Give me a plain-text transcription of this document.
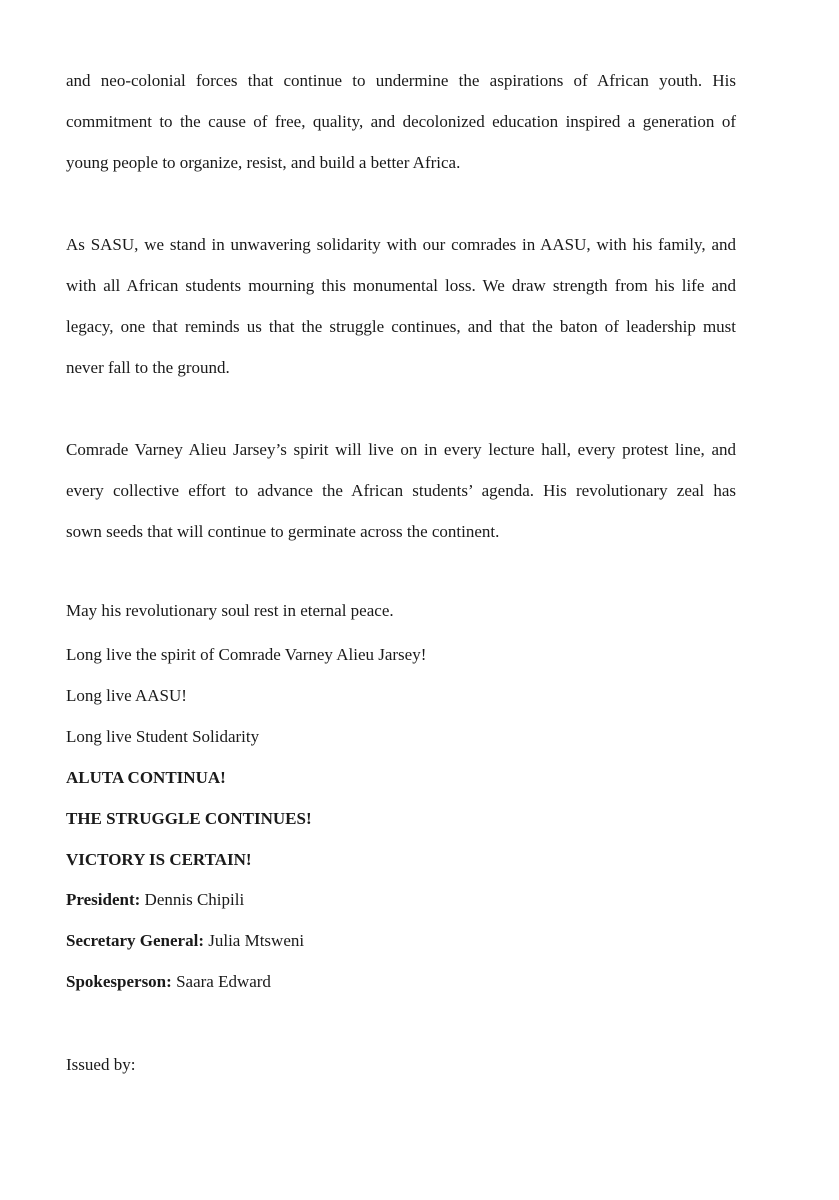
and neo-colonial forces that continue to undermine the aspirations of African youth. His
commitment to the cause of free, quality, and decolonized education inspired a generation of
young people to organize, resist, and build a better Africa.
As SASU, we stand in unwavering solidarity with our comrades in AASU, with his family, and
with all African students mourning this monumental loss. We draw strength from his life and
legacy, one that reminds us that the struggle continues, and that the baton of leadership must
never fall to the ground.
Comrade Varney Alieu Jarsey’s spirit will live on in every lecture hall, every protest line, and
every collective effort to advance the African students’ agenda. His revolutionary zeal has
sown seeds that will continue to germinate across the continent.

May his revolutionary soul rest in eternal peace.

Long live the spirit of Comrade Varney Alieu Jarsey!

Long live AASU!

Long live Student Solidarity

ALUTA CONTINUA!

THE STRUGGLE CONTINUES!

VICTORY IS CERTAIN!

President: Dennis Chipili

Secretary General: Julia Mtsweni

Spokesperson: Saara Edward

Issued by:
